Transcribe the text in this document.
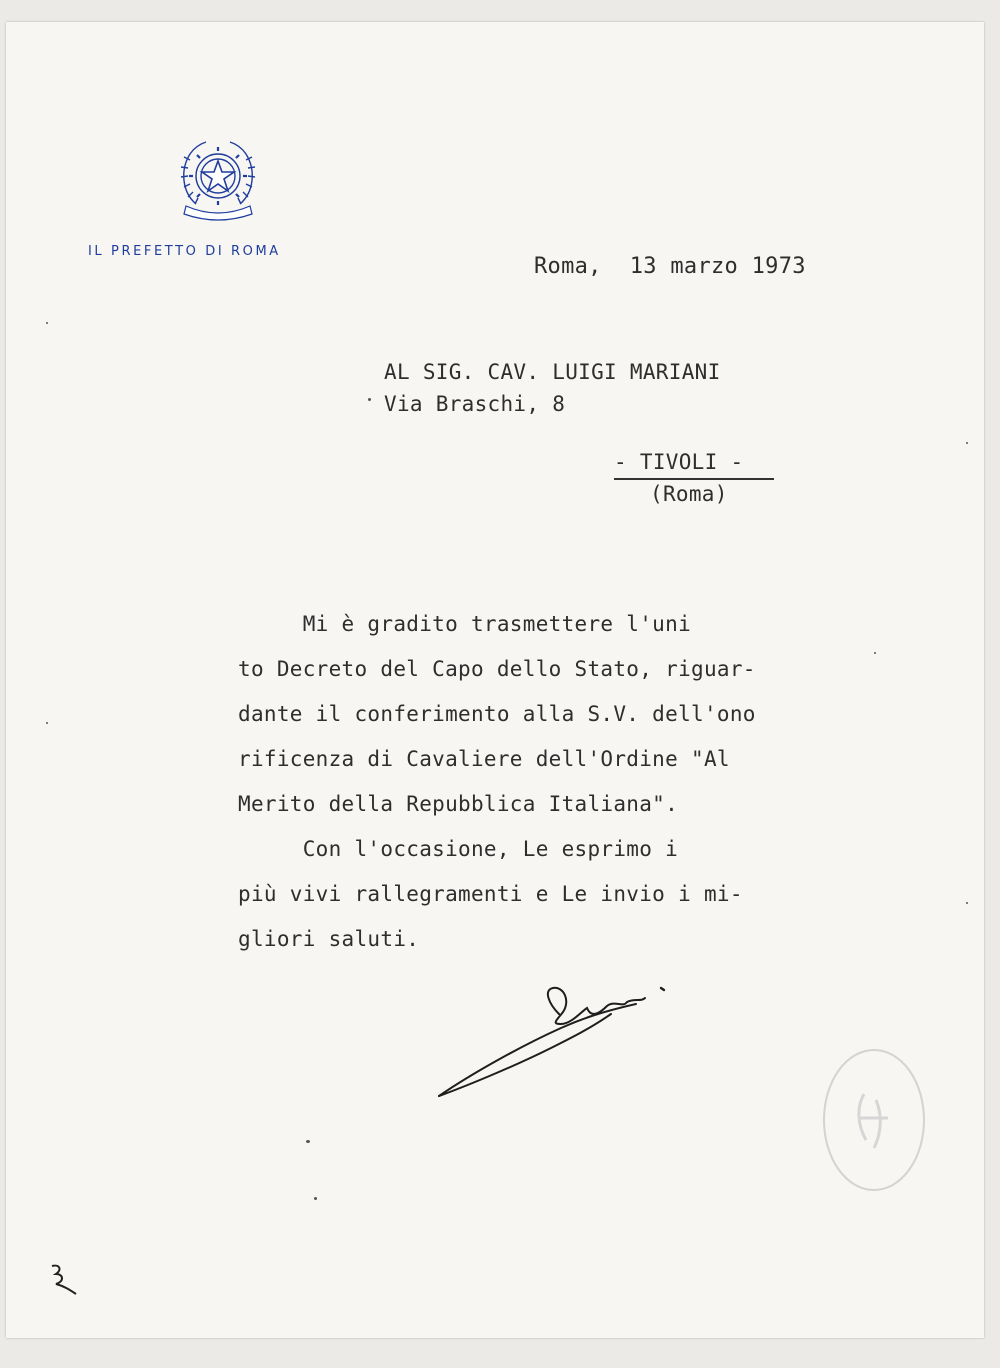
IL PREFETTO DI ROMA
Roma, 13 marzo 1973
AL SIG. CAV. LUIGI MARIANI
Via Braschi, 8
- TIVOLI -
(Roma)
Mi è gradito trasmettere l'uni
to Decreto del Capo dello Stato, riguar-
dante il conferimento alla S.V. dell'ono
rificenza di Cavaliere dell'Ordine "Al
Merito della Repubblica Italiana".
Con l'occasione, Le esprimo i
più vivi rallegramenti e Le invio i mi-
gliori saluti.
